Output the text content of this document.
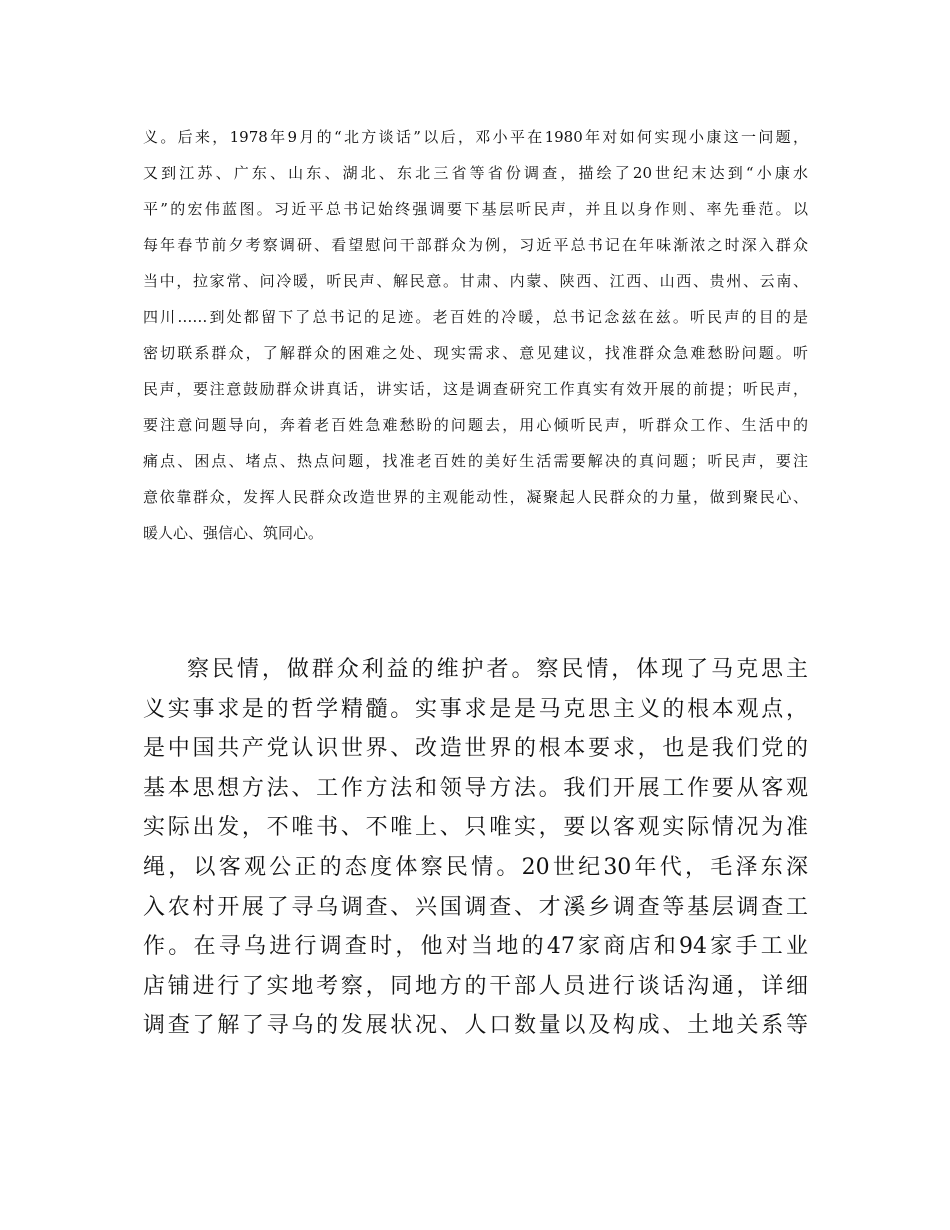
义。后来，1978年9月的“北方谈话”以后，邓小平在1980年对如何实现小康这一问题，
又到江苏、广东、山东、湖北、东北三省等省份调查，描绘了20世纪末达到“小康水
平”的宏伟蓝图。习近平总书记始终强调要下基层听民声，并且以身作则、率先垂范。以
每年春节前夕考察调研、看望慰问干部群众为例，习近平总书记在年味渐浓之时深入群众
当中，拉家常、问冷暖，听民声、解民意。甘肃、内蒙、陕西、江西、山西、贵州、云南、
四川……到处都留下了总书记的足迹。老百姓的冷暖，总书记念兹在兹。听民声的目的是
密切联系群众，了解群众的困难之处、现实需求、意见建议，找准群众急难愁盼问题。听
民声，要注意鼓励群众讲真话，讲实话，这是调查研究工作真实有效开展的前提；听民声，
要注意问题导向，奔着老百姓急难愁盼的问题去，用心倾听民声，听群众工作、生活中的
痛点、困点、堵点、热点问题，找准老百姓的美好生活需要解决的真问题；听民声，要注
意依靠群众，发挥人民群众改造世界的主观能动性，凝聚起人民群众的力量，做到聚民心、
暖人心、强信心、筑同心。
察民情，做群众利益的维护者。察民情，体现了马克思主
义实事求是的哲学精髓。实事求是是马克思主义的根本观点，
是中国共产党认识世界、改造世界的根本要求，也是我们党的
基本思想方法、工作方法和领导方法。我们开展工作要从客观
实际出发，不唯书、不唯上、只唯实，要以客观实际情况为准
绳，以客观公正的态度体察民情。20世纪30年代，毛泽东深
入农村开展了寻乌调查、兴国调查、才溪乡调查等基层调查工
作。在寻乌进行调查时，他对当地的47家商店和94家手工业
店铺进行了实地考察，同地方的干部人员进行谈话沟通，详细
调查了解了寻乌的发展状况、人口数量以及构成、土地关系等
